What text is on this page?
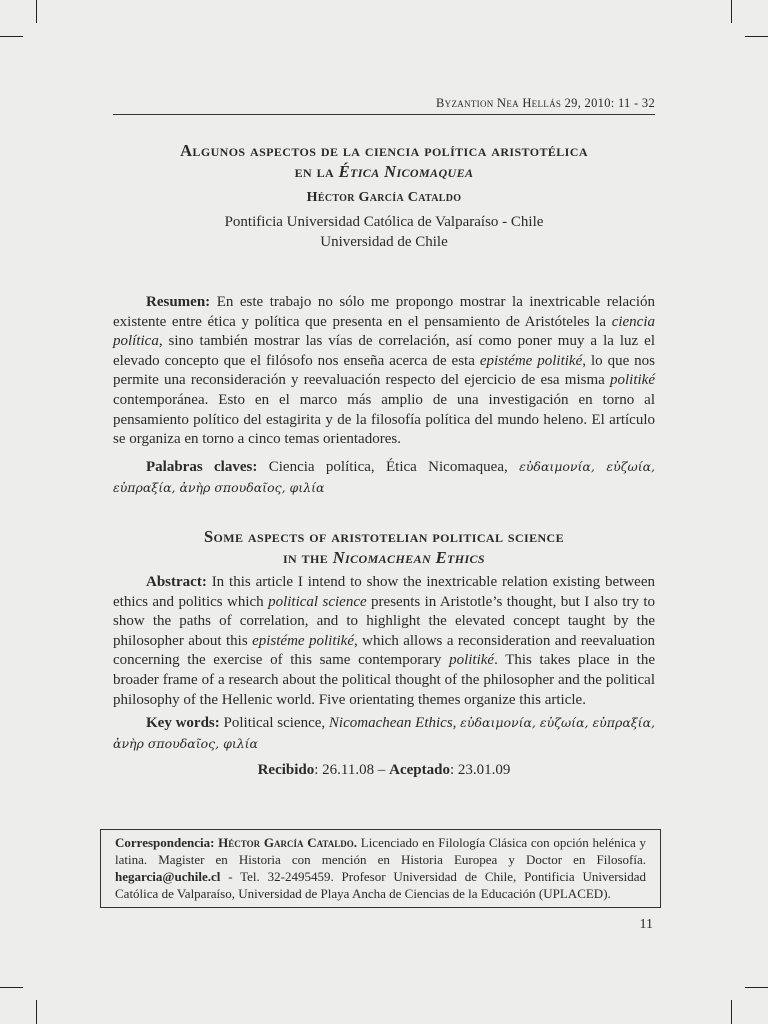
Byzantion Nea Hellás 29, 2010: 11 - 32
Algunos aspectos de la ciencia política aristotélica
en la Ética Nicomaquea
Héctor García Cataldo
Pontificia Universidad Católica de Valparaíso - Chile
Universidad de Chile
Resumen: En este trabajo no sólo me propongo mostrar la inextricable relación existente entre ética y política que presenta en el pensamiento de Aristóteles la ciencia política, sino también mostrar las vías de correlación, así como poner muy a la luz el elevado concepto que el filósofo nos enseña acerca de esta epistéme politiké, lo que nos permite una reconsideración y reevaluación respecto del ejercicio de esa misma politiké contemporánea. Esto en el marco más amplio de una investigación en torno al pensamiento político del estagirita y de la filosofía política del mundo heleno. El artículo se organiza en torno a cinco temas orientadores.
Palabras claves: Ciencia política, Ética Nicomaquea, εὐδαιμονία, εὐζωία, εὐπραξία, ἀνὴρ σπουδαῖος, φιλία
Some aspects of aristotelian political science
in the Nicomachean Ethics
Abstract: In this article I intend to show the inextricable relation existing between ethics and politics which political science presents in Aristotle’s thought, but I also try to show the paths of correlation, and to highlight the elevated concept taught by the philosopher about this epistéme politiké, which allows a reconsideration and reevaluation concerning the exercise of this same contemporary politiké. This takes place in the broader frame of a research about the political thought of the philosopher and the political philosophy of the Hellenic world. Five orientating themes organize this article.
Key words: Political science, Nicomachean Ethics, εὐδαιμονία, εὐζωία, εὐπραξία, ἀνὴρ σπουδαῖος, φιλία
Recibido: 26.11.08 – Aceptado: 23.01.09
Correspondencia: Héctor García Cataldo. Licenciado en Filología Clásica con opción helénica y latina. Magister en Historia con mención en Historia Europea y Doctor en Filosofía. hegarcia@uchile.cl - Tel. 32-2495459. Profesor Universidad de Chile, Pontificia Universidad Católica de Valparaíso, Universidad de Playa Ancha de Ciencias de la Educación (UPLACED).
11
